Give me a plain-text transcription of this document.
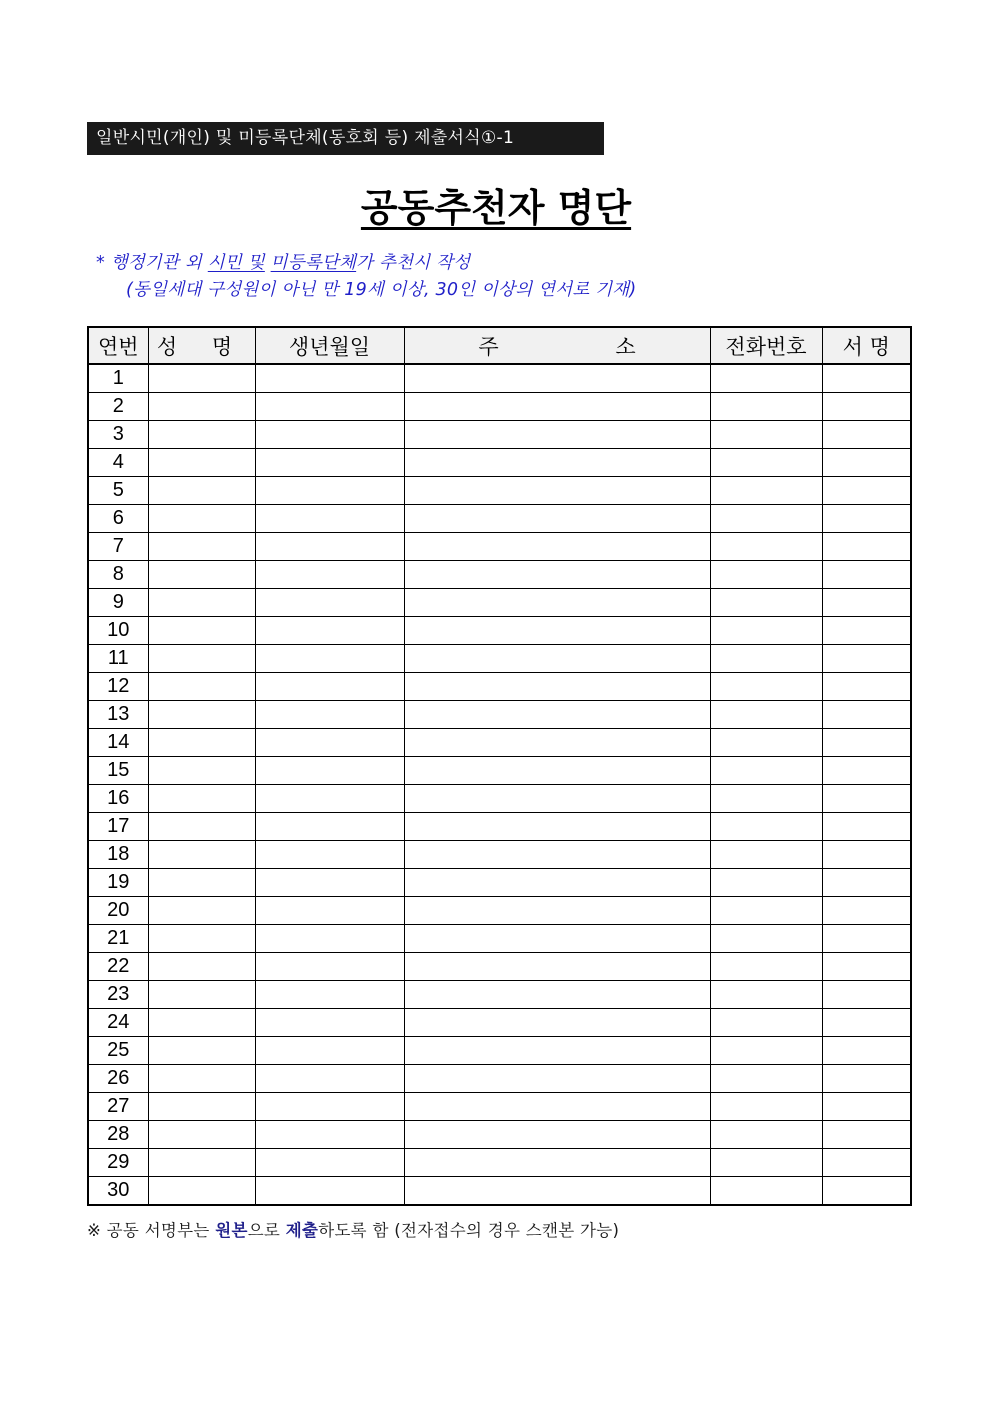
일반시민(개인) 및 미등록단체(동호회 등) 제출서식①-1
공동추천자 명단
* 행정기관 외 시민 및 미등록단체가 추천시 작성
(동일세대 구성원이 아닌 만 19세 이상, 30인 이상의 연서로 기재)
연번	성 명	생년월일	주 소	전화번호	서 명
1					
2					
3					
4					
5					
6					
7					
8					
9					
10					
11					
12					
13					
14					
15					
16					
17					
18					
19					
20					
21					
22					
23					
24					
25					
26					
27					
28					
29					
30					
※ 공동 서명부는 원본으로 제출하도록 함 (전자접수의 경우 스캔본 가능)
